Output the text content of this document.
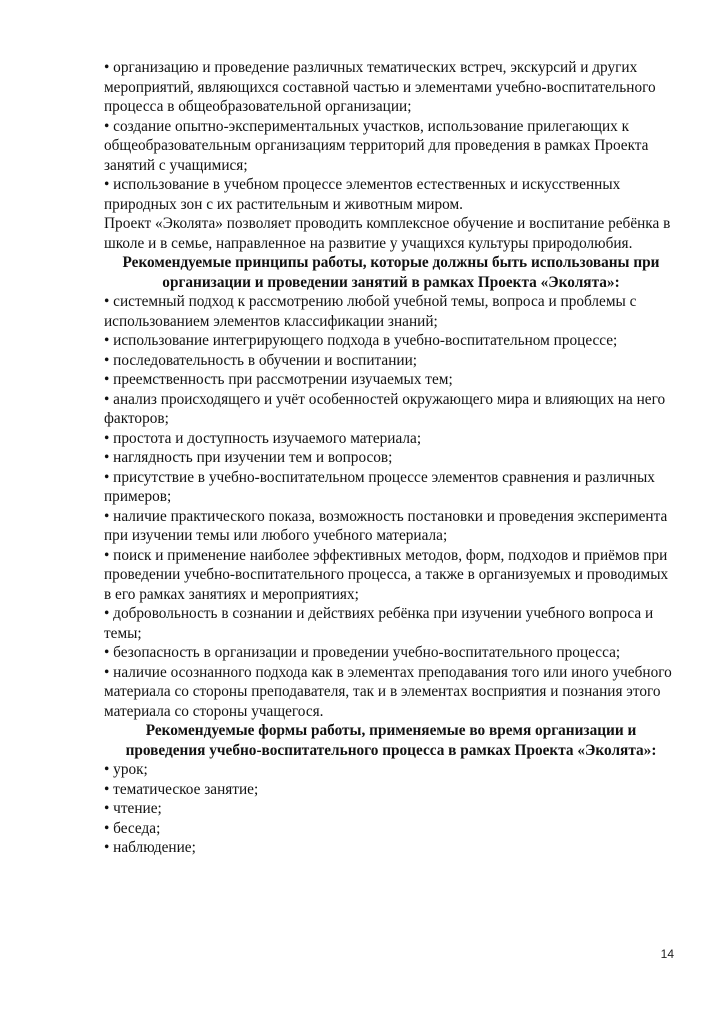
• организацию и проведение различных тематических встреч, экскурсий и других мероприятий, являющихся составной частью и элементами учебно-воспитательного процесса в общеобразовательной организации;

• создание опытно-экспериментальных участков, использование прилегающих к общеобразовательным организациям территорий для проведения в рамках Проекта занятий с учащимися;

• использование в учебном процессе элементов естественных и искусственных природных зон с их растительным и животным миром.

Проект «Эколята» позволяет проводить комплексное обучение и воспитание ребёнка в школе и в семье, направленное на развитие у учащихся культуры природолюбия.

Рекомендуемые принципы работы, которые должны быть использованы при организации и проведении занятий в рамках Проекта «Эколята»:

• системный подход к рассмотрению любой учебной темы, вопроса и проблемы с использованием элементов классификации знаний;

• использование интегрирующего подхода в учебно-воспитательном процессе;

• последовательность в обучении и воспитании;

• преемственность при рассмотрении изучаемых тем;

• анализ происходящего и учёт особенностей окружающего мира и влияющих на него факторов;

• простота и доступность изучаемого материала;

• наглядность при изучении тем и вопросов;

• присутствие в учебно-воспитательном процессе элементов сравнения и различных примеров;

• наличие практического показа, возможность постановки и проведения эксперимента при изучении темы или любого учебного материала;

• поиск и применение наиболее эффективных методов, форм, подходов и приёмов при проведении учебно-воспитательного процесса, а также в организуемых и проводимых в его рамках занятиях и мероприятиях;

• добровольность в сознании и действиях ребёнка при изучении учебного вопроса и темы;

• безопасность в организации и проведении учебно-воспитательного процесса;

• наличие осознанного подхода как в элементах преподавания того или иного учебного материала со стороны преподавателя, так и в элементах восприятия и познания этого материала со стороны учащегося.

Рекомендуемые формы работы, применяемые во время организации и проведения учебно-воспитательного процесса в рамках Проекта «Эколята»:

• урок;

• тематическое занятие;

• чтение;

• беседа;

• наблюдение;

14
